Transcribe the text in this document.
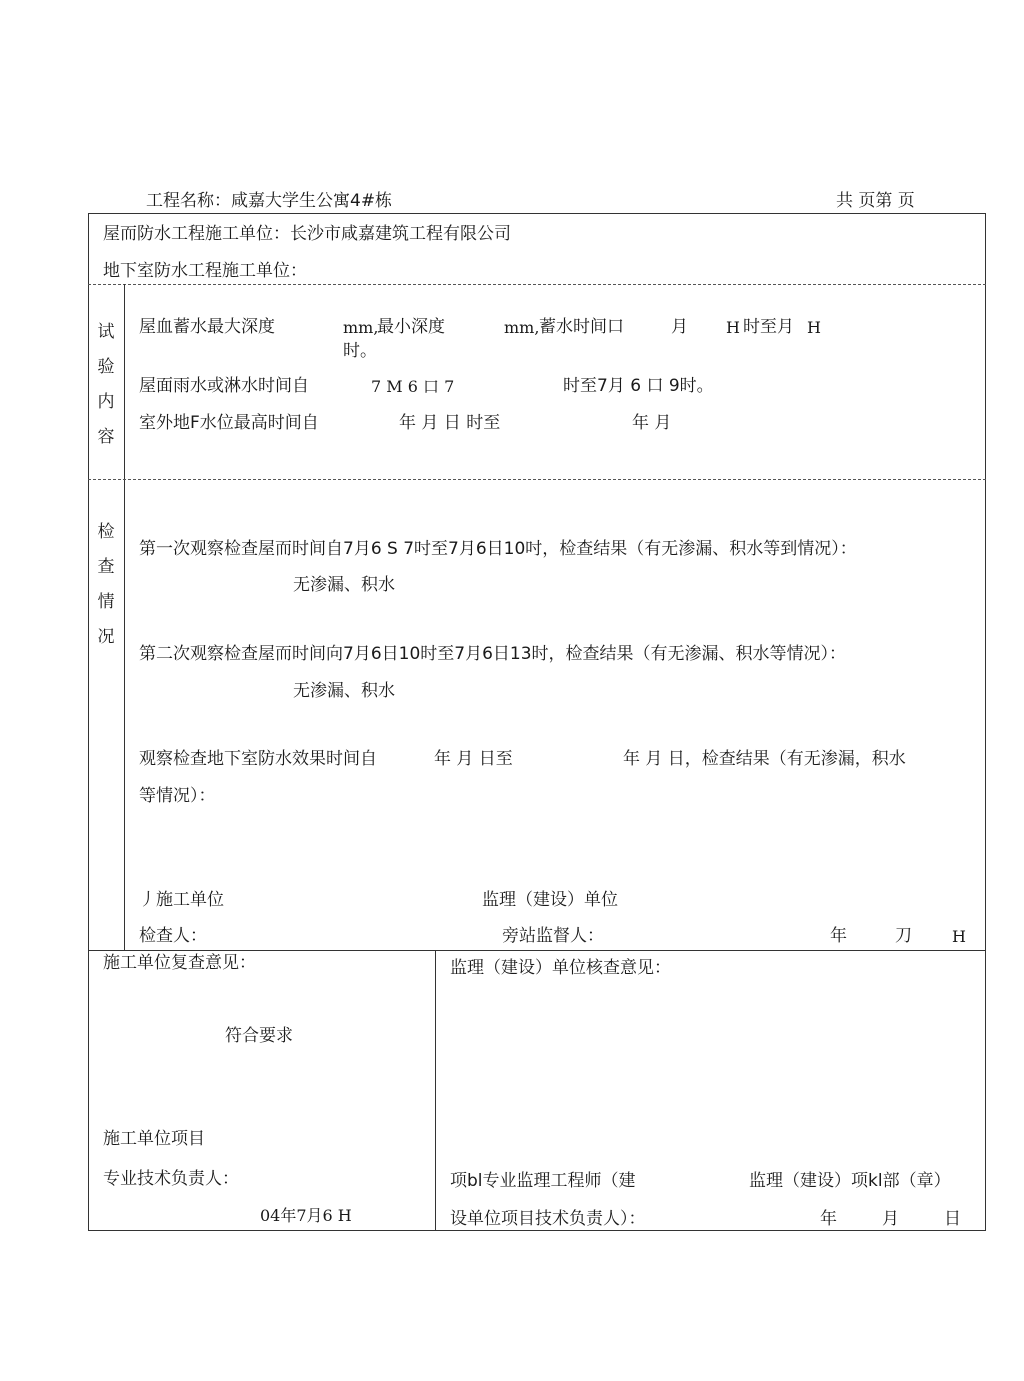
工程名称：咸嘉大学生公寓4#栋	共 页第 页
屋而防水工程施工单位：长沙市咸嘉建筑工程有限公司
地下室防水工程施工单位：
试
验
内
容
屋血蓄水最大深度	mm,
最小深度	mm, 蓄水时间口	月 H 时至月 H
时。
屋面雨水或淋水时间自	7 M 6 口 7	时至7月 6 口 9时。
室外地F水位最高时间自	年 月 日 时至	年 月
检
查
情
况
第一次观察检查屋而时间自7月6 S 7吋至7月6日10吋，检查结果（有无渗漏、积水等到情况）：
无渗漏、积水
第二次观察检查屋而时间向7月6日10时至7月6日13时，检查结果（有无渗漏、积水等情况）：
无渗漏、积水
观察检查地下室防水效果时间自	年 月 日至	年 月 日，检查结果（有无渗漏，积水
等情况）：
丿施工单位	监理（建设）单位
检查人：	旁站监督人：	年	刀	H
施工单位复查意见：
符合要求
施工单位项目
专业技术负责人：
04年7月6 H
监理（建设）单位核查意见：
项bl专业监理工程师（建	监理（建设）项kl部（章）
设单位项目技术负责人）：	年	月	日
